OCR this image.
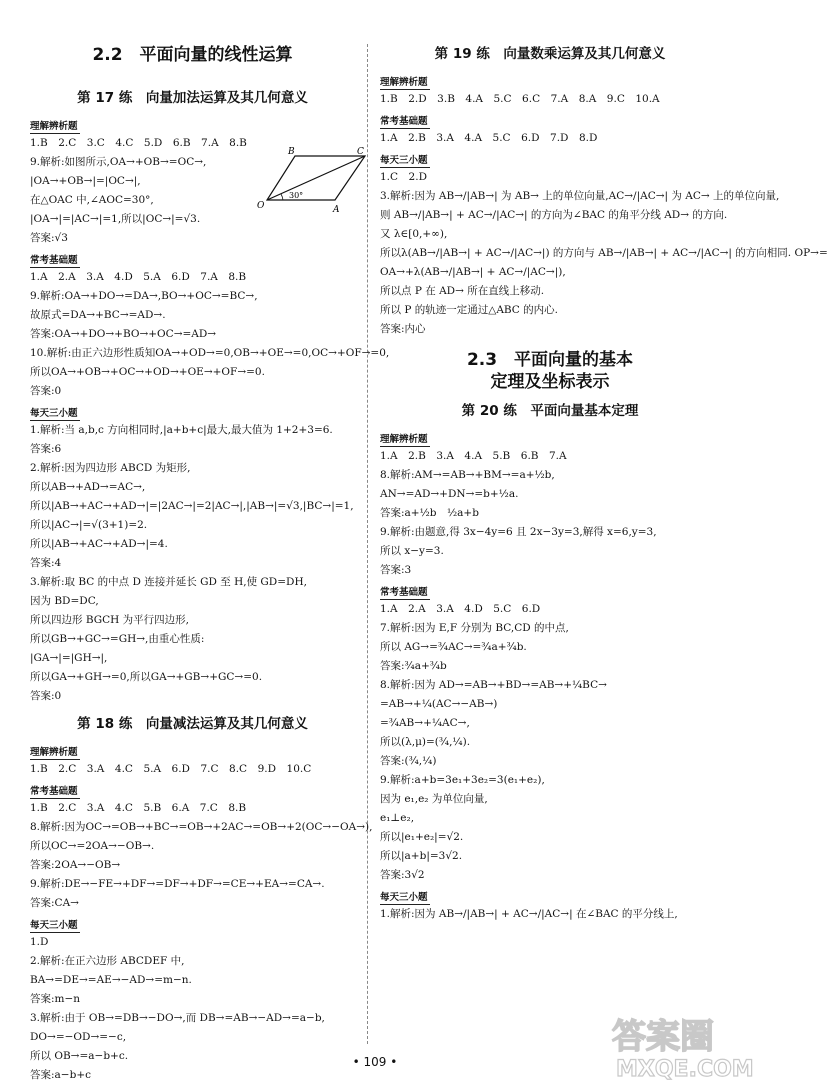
2.2　平面向量的线性运算
第 17 练　向量加法运算及其几何意义
理解辨析题
1.B　2.C　3.C　4.C　5.D　6.B　7.A　8.B
9.解析:如图所示,OA→+OB→=OC→,
|OA→+OB→|=|OC→|,
在△OAC 中,∠AOC=30°,
|OA→|=|AC→|=1,所以|OC→|=√3.
答案:√3
常考基础题
1.A　2.A　3.A　4.D　5.A　6.D　7.A　8.B
9.解析:OA→+DO→=DA→,BO→+OC→=BC→,
故原式=DA→+BC→=AD→.
答案:OA→+DO→+BO→+OC→=AD→
10.解析:由正六边形性质知OA→+OD→=0,OB→+OE→=0,OC→+OF→=0,
所以OA→+OB→+OC→+OD→+OE→+OF→=0.
答案:0
每天三小题
1.解析:当 a,b,c 方向相同时,|a+b+c|最大,最大值为 1+2+3=6.
答案:6
2.解析:因为四边形 ABCD 为矩形,
所以AB→+AD→=AC→,
所以|AB→+AC→+AD→|=|2AC→|=2|AC→|,|AB→|=√3,|BC→|=1,
所以|AC→|=√(3+1)=2.
所以|AB→+AC→+AD→|=4.
答案:4
3.解析:取 BC 的中点 D 连接并延长 GD 至 H,使 GD=DH,
因为 BD=DC,
所以四边形 BGCH 为平行四边形,
所以GB→+GC→=GH→,由重心性质:
|GA→|=|GH→|,
所以GA→+GH→=0,所以GA→+GB→+GC→=0.
答案:0
第 18 练　向量减法运算及其几何意义
理解辨析题
1.B　2.C　3.A　4.C　5.A　6.D　7.C　8.C　9.D　10.C
常考基础题
1.B　2.C　3.A　4.C　5.B　6.A　7.C　8.B
8.解析:因为OC→=OB→+BC→=OB→+2AC→=OB→+2(OC→−OA→),
所以OC→=2OA→−OB→.
答案:2OA→−OB→
9.解析:DE→−FE→+DF→=DF→+DF→=CE→+EA→=CA→.
答案:CA→
每天三小题
1.D
2.解析:在正六边形 ABCDEF 中,
BA→=DE→=AE→−AD→=m−n.
答案:m−n
3.解析:由于 OB→=DB→−DO→,而 DB→=AB→−AD→=a−b,
DO→=−OD→=−c,
所以 OB→=a−b+c.
答案:a−b+c
30°
B	C
O	A
第 19 练　向量数乘运算及其几何意义
理解辨析题
1.B　2.D　3.B　4.A　5.C　6.C　7.A　8.A　9.C　10.A
常考基础题
1.A　2.B　3.A　4.A　5.C　6.D　7.D　8.D
每天三小题
1.C　2.D
3.解析:因为 AB→/|AB→| 为 AB→ 上的单位向量,AC→/|AC→| 为 AC→ 上的单位向量,
则 AB→/|AB→| + AC→/|AC→| 的方向为∠BAC 的角平分线 AD→ 的方向.
又 λ∈[0,+∞),
所以λ(AB→/|AB→| + AC→/|AC→|) 的方向与 AB→/|AB→| + AC→/|AC→| 的方向相同. OP→=
OA→+λ(AB→/|AB→| + AC→/|AC→|),
所以点 P 在 AD→ 所在直线上移动.
所以 P 的轨迹一定通过△ABC 的内心.
答案:内心
2.3　平面向量的基本
定理及坐标表示
第 20 练　平面向量基本定理
理解辨析题
1.A　2.B　3.A　4.A　5.B　6.B　7.A
8.解析:AM→=AB→+BM→=a+½b,
AN→=AD→+DN→=b+½a.
答案:a+½b　½a+b
9.解析:由题意,得 3x−4y=6 且 2x−3y=3,解得 x=6,y=3,
所以 x−y=3.
答案:3
常考基础题
1.A　2.A　3.A　4.D　5.C　6.D
7.解析:因为 E,F 分别为 BC,CD 的中点,
所以 AG→=¾AC→=¾a+¾b.
答案:¾a+¾b
8.解析:因为 AD→=AB→+BD→=AB→+¼BC→
=AB→+¼(AC→−AB→)
=¾AB→+¼AC→,
所以(λ,μ)=(¾,¼).
答案:(¾,¼)
9.解析:a+b=3e₁+3e₂=3(e₁+e₂),
因为 e₁,e₂ 为单位向量,
e₁⊥e₂,
所以|e₁+e₂|=√2.
所以|a+b|=3√2.
答案:3√2
每天三小题
1.解析:因为 AB→/|AB→| + AC→/|AC→| 在∠BAC 的平分线上,
• 109 •
答案圈
MXQE.COM
